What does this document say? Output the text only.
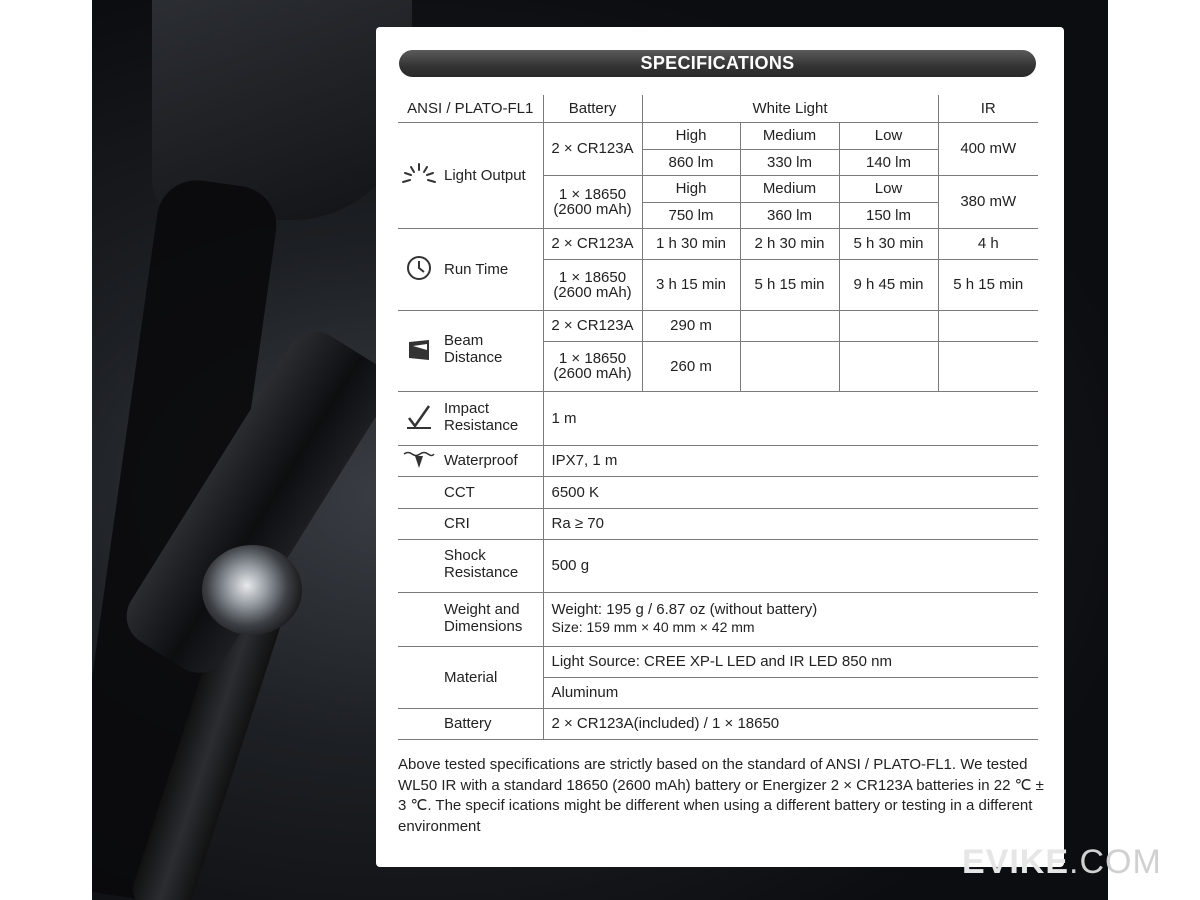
SPECIFICATIONS
ANSI / PLATO-FL1	Battery	White Light			IR

Light Output	2 × CR123A	High	Medium	Low	400 mW
		860 lm	330 lm	140 lm	
	1 × 18650
(2600 mAh)	High	Medium	Low	380 mW
		750 lm	360 lm	150 lm	

Run Time	2 × CR123A	1 h 30 min	2 h 30 min	5 h 30 min	4 h
	1 × 18650
(2600 mAh)	3 h 15 min	5 h 15 min	9 h 45 min	5 h 15 min

Beam
Distance	2 × CR123A	290 m			
	1 × 18650
(2600 mAh)	260 m			

Impact
Resistance	1 m				

Waterproof	IPX7, 1 m				
CCT	6500 K				
CRI	Ra ≥ 70				

Shock
Resistance	500 g				

Weight and
Dimensions	Weight: 195 g / 6.87 oz (without battery)
Size: 159 mm × 40 mm × 42 mm				
Material	Light Source: CREE XP-L LED and IR LED 850 nm				
	Aluminum				
Battery	2 × CR123A(included) / 1 × 18650				
Above tested specifications are strictly based on the standard of ANSI / PLATO-FL1. We tested WL50 IR with a standard 18650 (2600 mAh) battery or Energizer 2 × CR123A batteries in 22 ℃ ± 3 ℃. The specif ications might be different when using a different battery or testing in a different environment
EVIKE.COM
